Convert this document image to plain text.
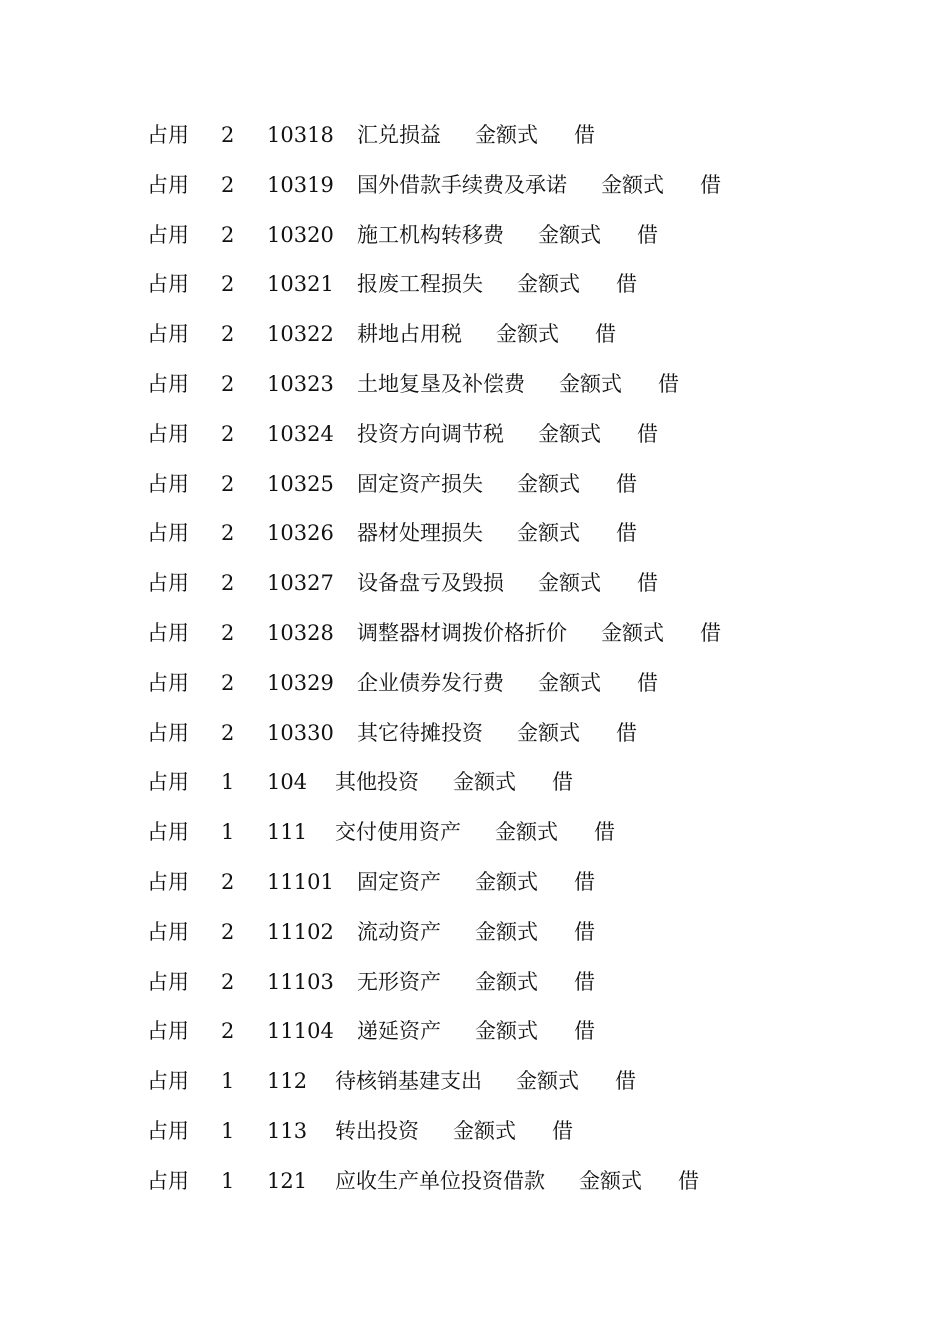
占用	2	10318	汇兑损益 金额式 借
占用	2	10319	国外借款手续费及承诺 金额式 借
占用	2	10320	施工机构转移费 金额式 借
占用	2	10321	报废工程损失 金额式 借
占用	2	10322	耕地占用税 金额式 借
占用	2	10323	土地复垦及补偿费 金额式 借
占用	2	10324	投资方向调节税 金额式 借
占用	2	10325	固定资产损失 金额式 借
占用	2	10326	器材处理损失 金额式 借
占用	2	10327	设备盘亏及毁损 金额式 借
占用	2	10328	调整器材调拨价格折价 金额式 借
占用	2	10329	企业债券发行费 金额式 借
占用	2	10330	其它待摊投资 金额式 借
占用	1	104	其他投资 金额式 借
占用	1	111	交付使用资产 金额式 借
占用	2	11101	固定资产 金额式 借
占用	2	11102	流动资产 金额式 借
占用	2	11103	无形资产 金额式 借
占用	2	11104	递延资产 金额式 借
占用	1	112	待核销基建支出 金额式 借
占用	1	113	转出投资 金额式 借
占用	1	121	应收生产单位投资借款 金额式 借
